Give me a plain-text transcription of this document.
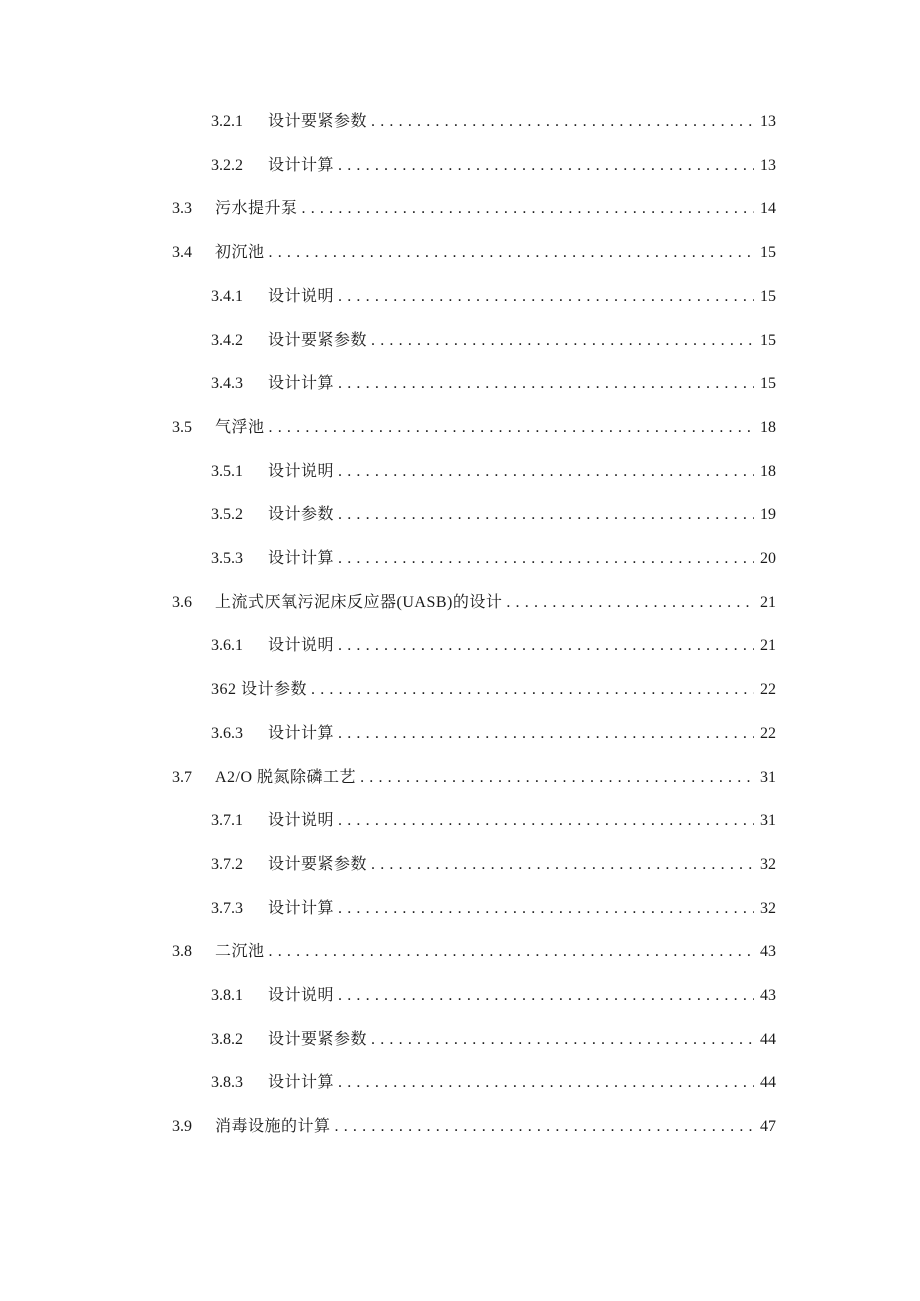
3.2.1	设计要紧参数 . . .	13
3.2.2	设计计算 . . .	13
3.3	污水提升泵 . . .	14
3.4	初沉池 . . .	15
3.4.1	设计说明 . . .	15
3.4.2	设计要紧参数 . . .	15
3.4.3	设计计算 . . .	15
3.5	气浮池 . . .	18
3.5.1	设计说明 . . .	18
3.5.2	设计参数 . . .	19
3.5.3	设计计算 . . .	20
3.6	上流式厌氧污泥床反应器(UASB)的设计 . . .	21
3.6.1	设计说明 . . .	21
362 设计参数 . . .	22
3.6.3	设计计算 . . .	22
3.7	A2/O 脱氮除磷工艺 . . .	31
3.7.1	设计说明 . . .	31
3.7.2	设计要紧参数 . . .	32
3.7.3	设计计算 . . .	32
3.8	二沉池 . . .	43
3.8.1	设计说明 . . .	43
3.8.2	设计要紧参数 . . .	44
3.8.3	设计计算 . . .	44
3.9	消毒设施的计算 . . .	47
